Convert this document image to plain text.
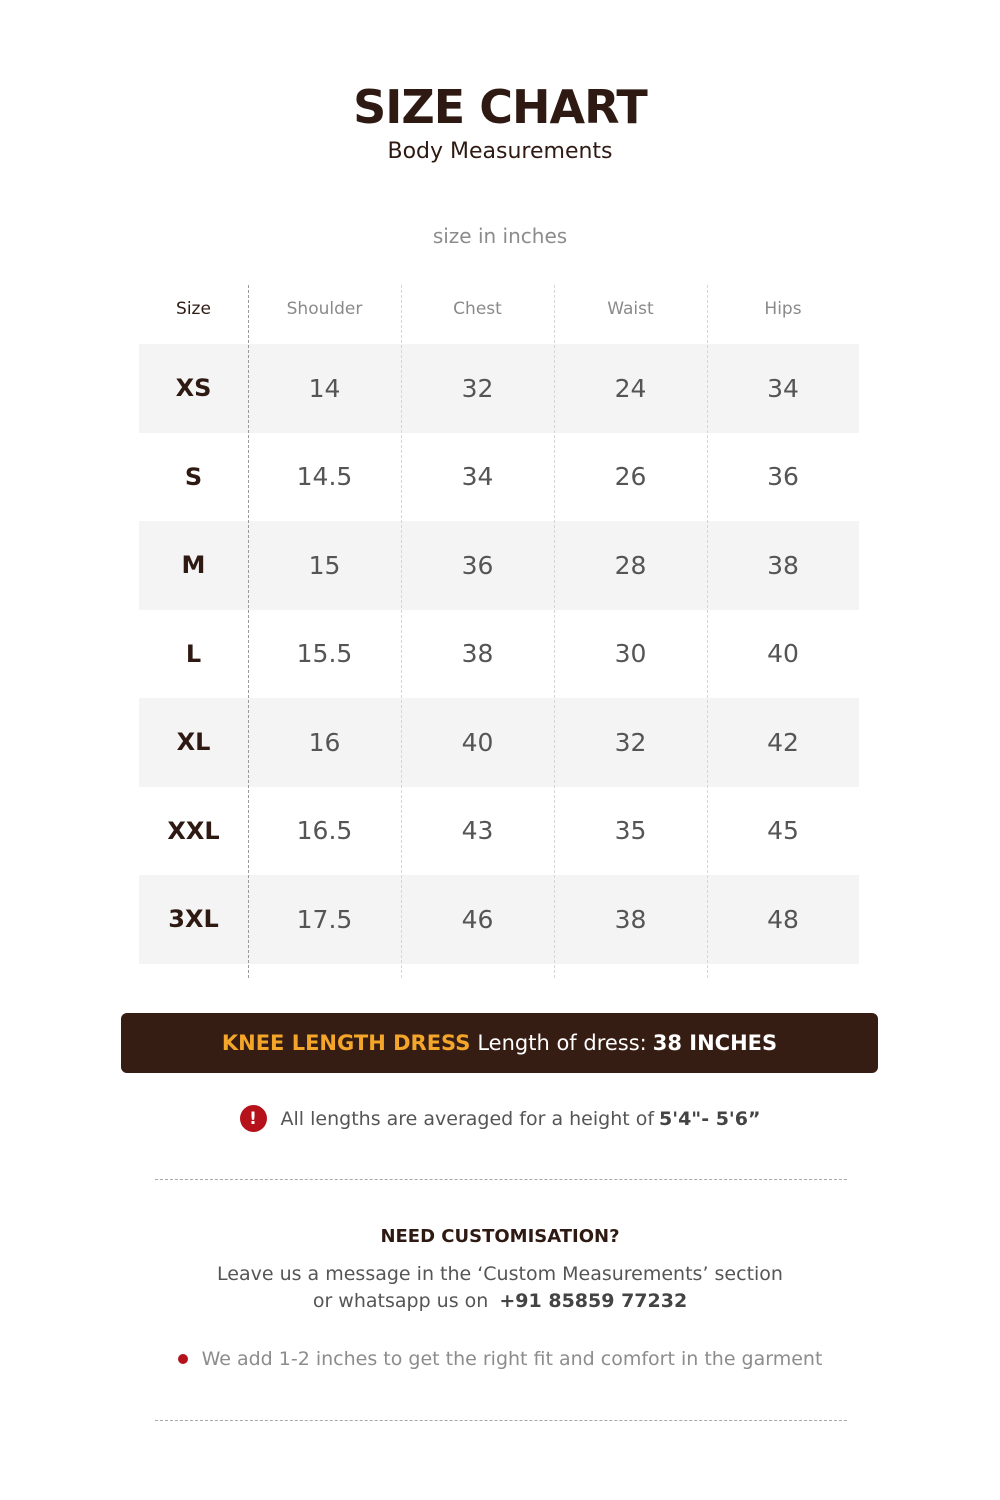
SIZE CHART
Body Measurements
size in inches
Size	Shoulder	Chest	Waist	Hips
XS	14	32	24	34
S	14.5	34	26	36
M	15	36	28	38
L	15.5	38	30	40
XL	16	40	32	42
XXL	16.5	43	35	45
3XL	17.5	46	38	48
KNEE LENGTH DRESS Length of dress: 38 INCHES
!	All lengths are averaged for a height of 5'4"- 5'6”
NEED CUSTOMISATION?
Leave us a message in the ‘Custom Measurements’ section
or whatsapp us on +91 85859 77232
We add 1-2 inches to get the right fit and comfort in the garment
